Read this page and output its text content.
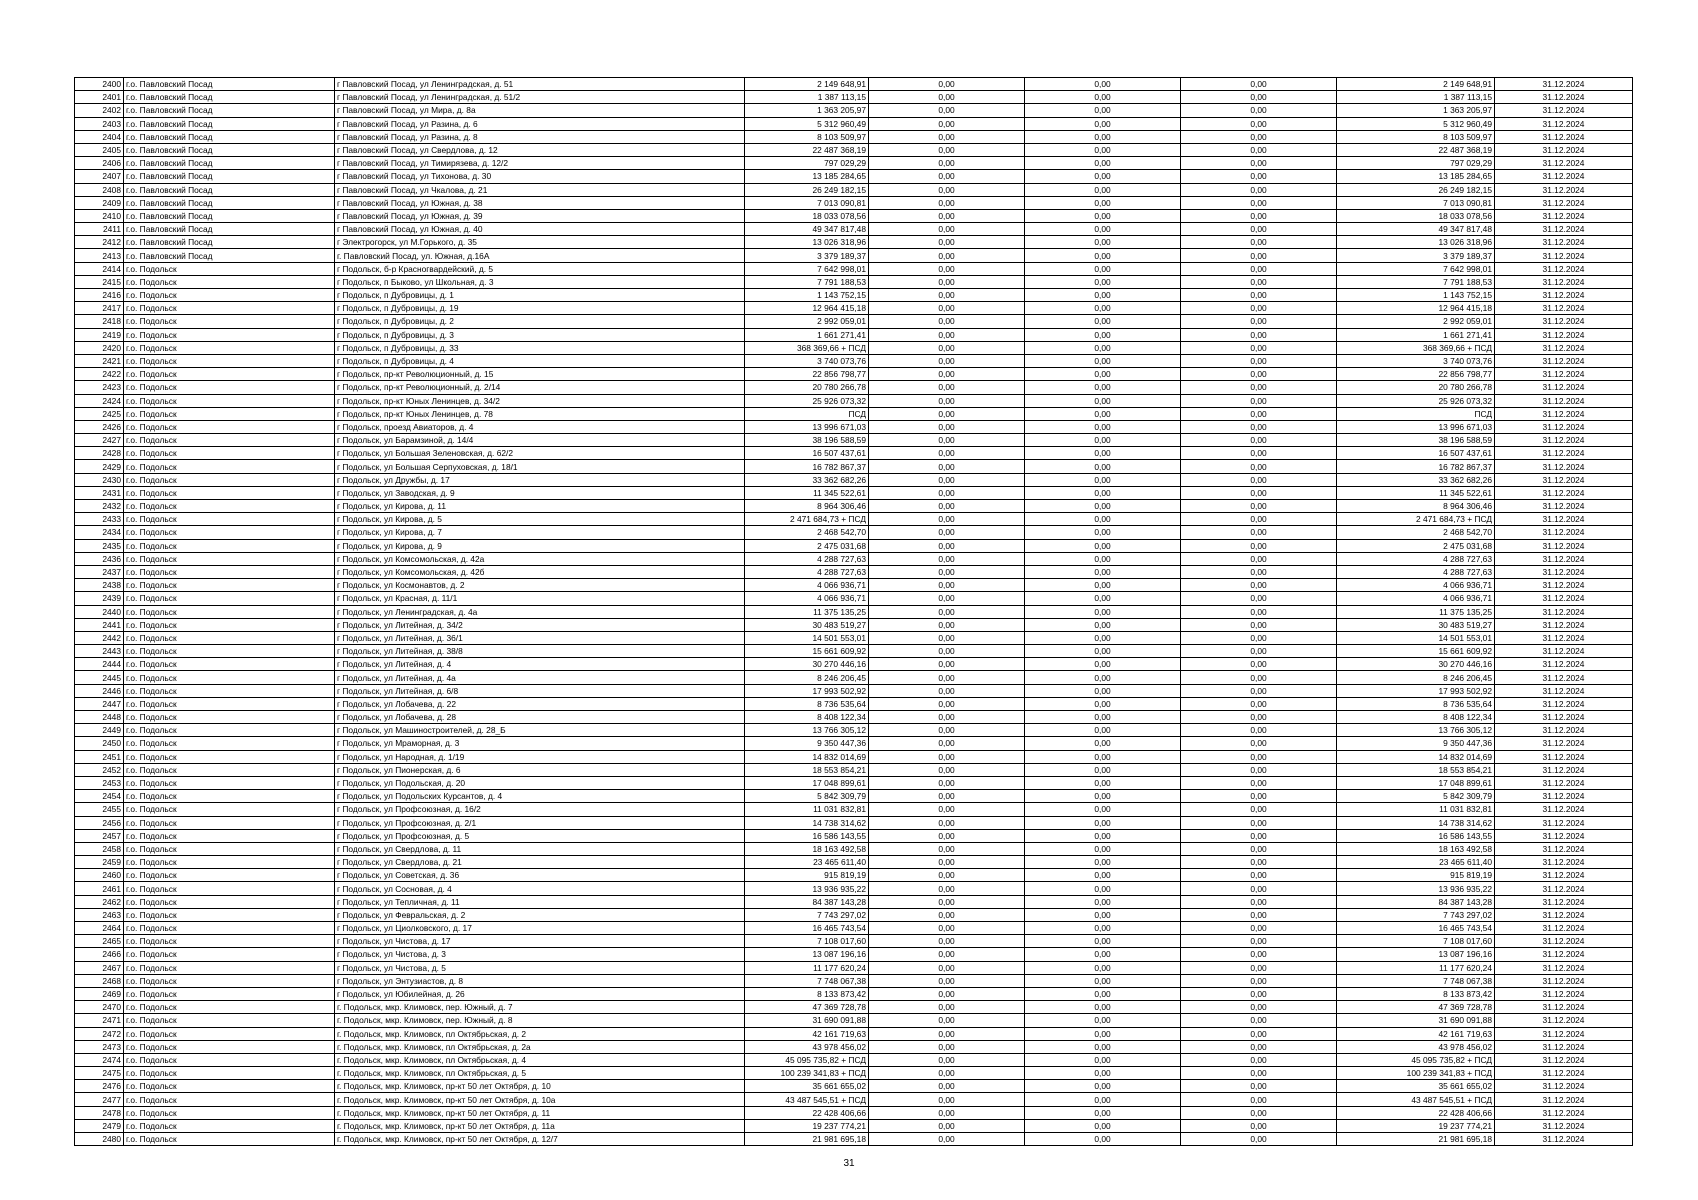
2400	г.о. Павловский Посад	г Павловский Посад, ул Ленинградская, д. 51	2 149 648,91	0,00	0,00	0,00	2 149 648,91	31.12.2024
2401	г.о. Павловский Посад	г Павловский Посад, ул Ленинградская, д. 51/2	1 387 113,15	0,00	0,00	0,00	1 387 113,15	31.12.2024
2402	г.о. Павловский Посад	г Павловский Посад, ул Мира, д. 8а	1 363 205,97	0,00	0,00	0,00	1 363 205,97	31.12.2024
2403	г.о. Павловский Посад	г Павловский Посад, ул Разина, д. 6	5 312 960,49	0,00	0,00	0,00	5 312 960,49	31.12.2024
2404	г.о. Павловский Посад	г Павловский Посад, ул Разина, д. 8	8 103 509,97	0,00	0,00	0,00	8 103 509,97	31.12.2024
2405	г.о. Павловский Посад	г Павловский Посад, ул Свердлова, д. 12	22 487 368,19	0,00	0,00	0,00	22 487 368,19	31.12.2024
2406	г.о. Павловский Посад	г Павловский Посад, ул Тимирязева, д. 12/2	797 029,29	0,00	0,00	0,00	797 029,29	31.12.2024
2407	г.о. Павловский Посад	г Павловский Посад, ул Тихонова, д. 30	13 185 284,65	0,00	0,00	0,00	13 185 284,65	31.12.2024
2408	г.о. Павловский Посад	г Павловский Посад, ул Чкалова, д. 21	26 249 182,15	0,00	0,00	0,00	26 249 182,15	31.12.2024
2409	г.о. Павловский Посад	г Павловский Посад, ул Южная, д. 38	7 013 090,81	0,00	0,00	0,00	7 013 090,81	31.12.2024
2410	г.о. Павловский Посад	г Павловский Посад, ул Южная, д. 39	18 033 078,56	0,00	0,00	0,00	18 033 078,56	31.12.2024
2411	г.о. Павловский Посад	г Павловский Посад, ул Южная, д. 40	49 347 817,48	0,00	0,00	0,00	49 347 817,48	31.12.2024
2412	г.о. Павловский Посад	г Электрогорск, ул М.Горького, д. 35	13 026 318,96	0,00	0,00	0,00	13 026 318,96	31.12.2024
2413	г.о. Павловский Посад	г. Павловский Посад, ул. Южная, д.16А	3 379 189,37	0,00	0,00	0,00	3 379 189,37	31.12.2024
2414	г.о. Подольск	г Подольск, б-р Красногвардейский, д. 5	7 642 998,01	0,00	0,00	0,00	7 642 998,01	31.12.2024
2415	г.о. Подольск	г Подольск, п Быково, ул Школьная, д. 3	7 791 188,53	0,00	0,00	0,00	7 791 188,53	31.12.2024
2416	г.о. Подольск	г Подольск, п Дубровицы, д. 1	1 143 752,15	0,00	0,00	0,00	1 143 752,15	31.12.2024
2417	г.о. Подольск	г Подольск, п Дубровицы, д. 19	12 964 415,18	0,00	0,00	0,00	12 964 415,18	31.12.2024
2418	г.о. Подольск	г Подольск, п Дубровицы, д. 2	2 992 059,01	0,00	0,00	0,00	2 992 059,01	31.12.2024
2419	г.о. Подольск	г Подольск, п Дубровицы, д. 3	1 661 271,41	0,00	0,00	0,00	1 661 271,41	31.12.2024
2420	г.о. Подольск	г Подольск, п Дубровицы, д. 33	368 369,66 + ПСД	0,00	0,00	0,00	368 369,66 + ПСД	31.12.2024
2421	г.о. Подольск	г Подольск, п Дубровицы, д. 4	3 740 073,76	0,00	0,00	0,00	3 740 073,76	31.12.2024
2422	г.о. Подольск	г Подольск, пр-кт Революционный, д. 15	22 856 798,77	0,00	0,00	0,00	22 856 798,77	31.12.2024
2423	г.о. Подольск	г Подольск, пр-кт Революционный, д. 2/14	20 780 266,78	0,00	0,00	0,00	20 780 266,78	31.12.2024
2424	г.о. Подольск	г Подольск, пр-кт Юных Ленинцев, д. 34/2	25 926 073,32	0,00	0,00	0,00	25 926 073,32	31.12.2024
2425	г.о. Подольск	г Подольск, пр-кт Юных Ленинцев, д. 78	ПСД	0,00	0,00	0,00	ПСД	31.12.2024
2426	г.о. Подольск	г Подольск, проезд Авиаторов, д. 4	13 996 671,03	0,00	0,00	0,00	13 996 671,03	31.12.2024
2427	г.о. Подольск	г Подольск, ул Барамзиной, д. 14/4	38 196 588,59	0,00	0,00	0,00	38 196 588,59	31.12.2024
2428	г.о. Подольск	г Подольск, ул Большая Зеленовская, д. 62/2	16 507 437,61	0,00	0,00	0,00	16 507 437,61	31.12.2024
2429	г.о. Подольск	г Подольск, ул Большая Серпуховская, д. 18/1	16 782 867,37	0,00	0,00	0,00	16 782 867,37	31.12.2024
2430	г.о. Подольск	г Подольск, ул Дружбы, д. 17	33 362 682,26	0,00	0,00	0,00	33 362 682,26	31.12.2024
2431	г.о. Подольск	г Подольск, ул Заводская, д. 9	11 345 522,61	0,00	0,00	0,00	11 345 522,61	31.12.2024
2432	г.о. Подольск	г Подольск, ул Кирова, д. 11	8 964 306,46	0,00	0,00	0,00	8 964 306,46	31.12.2024
2433	г.о. Подольск	г Подольск, ул Кирова, д. 5	2 471 684,73 + ПСД	0,00	0,00	0,00	2 471 684,73 + ПСД	31.12.2024
2434	г.о. Подольск	г Подольск, ул Кирова, д. 7	2 468 542,70	0,00	0,00	0,00	2 468 542,70	31.12.2024
2435	г.о. Подольск	г Подольск, ул Кирова, д. 9	2 475 031,68	0,00	0,00	0,00	2 475 031,68	31.12.2024
2436	г.о. Подольск	г Подольск, ул Комсомольская, д. 42а	4 288 727,63	0,00	0,00	0,00	4 288 727,63	31.12.2024
2437	г.о. Подольск	г Подольск, ул Комсомольская, д. 42б	4 288 727,63	0,00	0,00	0,00	4 288 727,63	31.12.2024
2438	г.о. Подольск	г Подольск, ул Космонавтов, д. 2	4 066 936,71	0,00	0,00	0,00	4 066 936,71	31.12.2024
2439	г.о. Подольск	г Подольск, ул Красная, д. 11/1	4 066 936,71	0,00	0,00	0,00	4 066 936,71	31.12.2024
2440	г.о. Подольск	г Подольск, ул Ленинградская, д. 4а	11 375 135,25	0,00	0,00	0,00	11 375 135,25	31.12.2024
2441	г.о. Подольск	г Подольск, ул Литейная, д. 34/2	30 483 519,27	0,00	0,00	0,00	30 483 519,27	31.12.2024
2442	г.о. Подольск	г Подольск, ул Литейная, д. 36/1	14 501 553,01	0,00	0,00	0,00	14 501 553,01	31.12.2024
2443	г.о. Подольск	г Подольск, ул Литейная, д. 38/8	15 661 609,92	0,00	0,00	0,00	15 661 609,92	31.12.2024
2444	г.о. Подольск	г Подольск, ул Литейная, д. 4	30 270 446,16	0,00	0,00	0,00	30 270 446,16	31.12.2024
2445	г.о. Подольск	г Подольск, ул Литейная, д. 4а	8 246 206,45	0,00	0,00	0,00	8 246 206,45	31.12.2024
2446	г.о. Подольск	г Подольск, ул Литейная, д. 6/8	17 993 502,92	0,00	0,00	0,00	17 993 502,92	31.12.2024
2447	г.о. Подольск	г Подольск, ул Лобачева, д. 22	8 736 535,64	0,00	0,00	0,00	8 736 535,64	31.12.2024
2448	г.о. Подольск	г Подольск, ул Лобачева, д. 28	8 408 122,34	0,00	0,00	0,00	8 408 122,34	31.12.2024
2449	г.о. Подольск	г Подольск, ул Машиностроителей, д. 28_Б	13 766 305,12	0,00	0,00	0,00	13 766 305,12	31.12.2024
2450	г.о. Подольск	г Подольск, ул Мраморная, д. 3	9 350 447,36	0,00	0,00	0,00	9 350 447,36	31.12.2024
2451	г.о. Подольск	г Подольск, ул Народная, д. 1/19	14 832 014,69	0,00	0,00	0,00	14 832 014,69	31.12.2024
2452	г.о. Подольск	г Подольск, ул Пионерская, д. 6	18 553 854,21	0,00	0,00	0,00	18 553 854,21	31.12.2024
2453	г.о. Подольск	г Подольск, ул Подольская, д. 20	17 048 899,61	0,00	0,00	0,00	17 048 899,61	31.12.2024
2454	г.о. Подольск	г Подольск, ул Подольских Курсантов, д. 4	5 842 309,79	0,00	0,00	0,00	5 842 309,79	31.12.2024
2455	г.о. Подольск	г Подольск, ул Профсоюзная, д. 16/2	11 031 832,81	0,00	0,00	0,00	11 031 832,81	31.12.2024
2456	г.о. Подольск	г Подольск, ул Профсоюзная, д. 2/1	14 738 314,62	0,00	0,00	0,00	14 738 314,62	31.12.2024
2457	г.о. Подольск	г Подольск, ул Профсоюзная, д. 5	16 586 143,55	0,00	0,00	0,00	16 586 143,55	31.12.2024
2458	г.о. Подольск	г Подольск, ул Свердлова, д. 11	18 163 492,58	0,00	0,00	0,00	18 163 492,58	31.12.2024
2459	г.о. Подольск	г Подольск, ул Свердлова, д. 21	23 465 611,40	0,00	0,00	0,00	23 465 611,40	31.12.2024
2460	г.о. Подольск	г Подольск, ул Советская, д. 36	915 819,19	0,00	0,00	0,00	915 819,19	31.12.2024
2461	г.о. Подольск	г Подольск, ул Сосновая, д. 4	13 936 935,22	0,00	0,00	0,00	13 936 935,22	31.12.2024
2462	г.о. Подольск	г Подольск, ул Тепличная, д. 11	84 387 143,28	0,00	0,00	0,00	84 387 143,28	31.12.2024
2463	г.о. Подольск	г Подольск, ул Февральская, д. 2	7 743 297,02	0,00	0,00	0,00	7 743 297,02	31.12.2024
2464	г.о. Подольск	г Подольск, ул Циолковского, д. 17	16 465 743,54	0,00	0,00	0,00	16 465 743,54	31.12.2024
2465	г.о. Подольск	г Подольск, ул Чистова, д. 17	7 108 017,60	0,00	0,00	0,00	7 108 017,60	31.12.2024
2466	г.о. Подольск	г Подольск, ул Чистова, д. 3	13 087 196,16	0,00	0,00	0,00	13 087 196,16	31.12.2024
2467	г.о. Подольск	г Подольск, ул Чистова, д. 5	11 177 620,24	0,00	0,00	0,00	11 177 620,24	31.12.2024
2468	г.о. Подольск	г Подольск, ул Энтузиастов, д. 8	7 748 067,38	0,00	0,00	0,00	7 748 067,38	31.12.2024
2469	г.о. Подольск	г Подольск, ул Юбилейная, д. 26	8 133 873,42	0,00	0,00	0,00	8 133 873,42	31.12.2024
2470	г.о. Подольск	г. Подольск, мкр. Климовск, пер. Южный, д. 7	47 369 728,78	0,00	0,00	0,00	47 369 728,78	31.12.2024
2471	г.о. Подольск	г. Подольск, мкр. Климовск, пер. Южный, д. 8	31 690 091,88	0,00	0,00	0,00	31 690 091,88	31.12.2024
2472	г.о. Подольск	г. Подольск, мкр. Климовск, пл Октябрьская, д. 2	42 161 719,63	0,00	0,00	0,00	42 161 719,63	31.12.2024
2473	г.о. Подольск	г. Подольск, мкр. Климовск, пл Октябрьская, д. 2а	43 978 456,02	0,00	0,00	0,00	43 978 456,02	31.12.2024
2474	г.о. Подольск	г. Подольск, мкр. Климовск, пл Октябрьская, д. 4	45 095 735,82 + ПСД	0,00	0,00	0,00	45 095 735,82 + ПСД	31.12.2024
2475	г.о. Подольск	г. Подольск, мкр. Климовск, пл Октябрьская, д. 5	100 239 341,83 + ПСД	0,00	0,00	0,00	100 239 341,83 + ПСД	31.12.2024
2476	г.о. Подольск	г. Подольск, мкр. Климовск, пр-кт 50 лет Октября, д. 10	35 661 655,02	0,00	0,00	0,00	35 661 655,02	31.12.2024
2477	г.о. Подольск	г. Подольск, мкр. Климовск, пр-кт 50 лет Октября, д. 10а	43 487 545,51 + ПСД	0,00	0,00	0,00	43 487 545,51 + ПСД	31.12.2024
2478	г.о. Подольск	г. Подольск, мкр. Климовск, пр-кт 50 лет Октября, д. 11	22 428 406,66	0,00	0,00	0,00	22 428 406,66	31.12.2024
2479	г.о. Подольск	г. Подольск, мкр. Климовск, пр-кт 50 лет Октября, д. 11а	19 237 774,21	0,00	0,00	0,00	19 237 774,21	31.12.2024
2480	г.о. Подольск	г. Подольск, мкр. Климовск, пр-кт 50 лет Октября, д. 12/7	21 981 695,18	0,00	0,00	0,00	21 981 695,18	31.12.2024
31
